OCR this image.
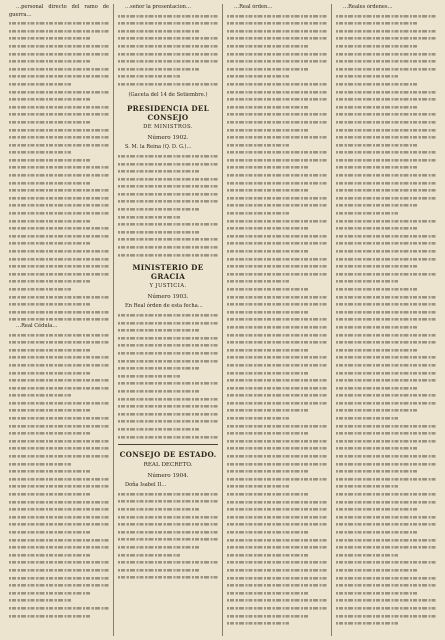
…personal directo del ramo de guerra…

…Real Cédula…

…señor la presentacion…

(Gaceta del 14 de Setiembre.)

PRESIDENCIA DEL CONSEJO

DE MINISTROS.

Número 1902.

S. M. la Reina (Q. D. G.)…

MINISTERIO DE GRACIA

Y JUSTICIA.

Número 1903.

En Real órden de esta fecha…

CONSEJO DE ESTADO.

REAL DECRETO.

Número 1904.

Doña Isabel II…

…Real órden…	…Reales órdenes…
